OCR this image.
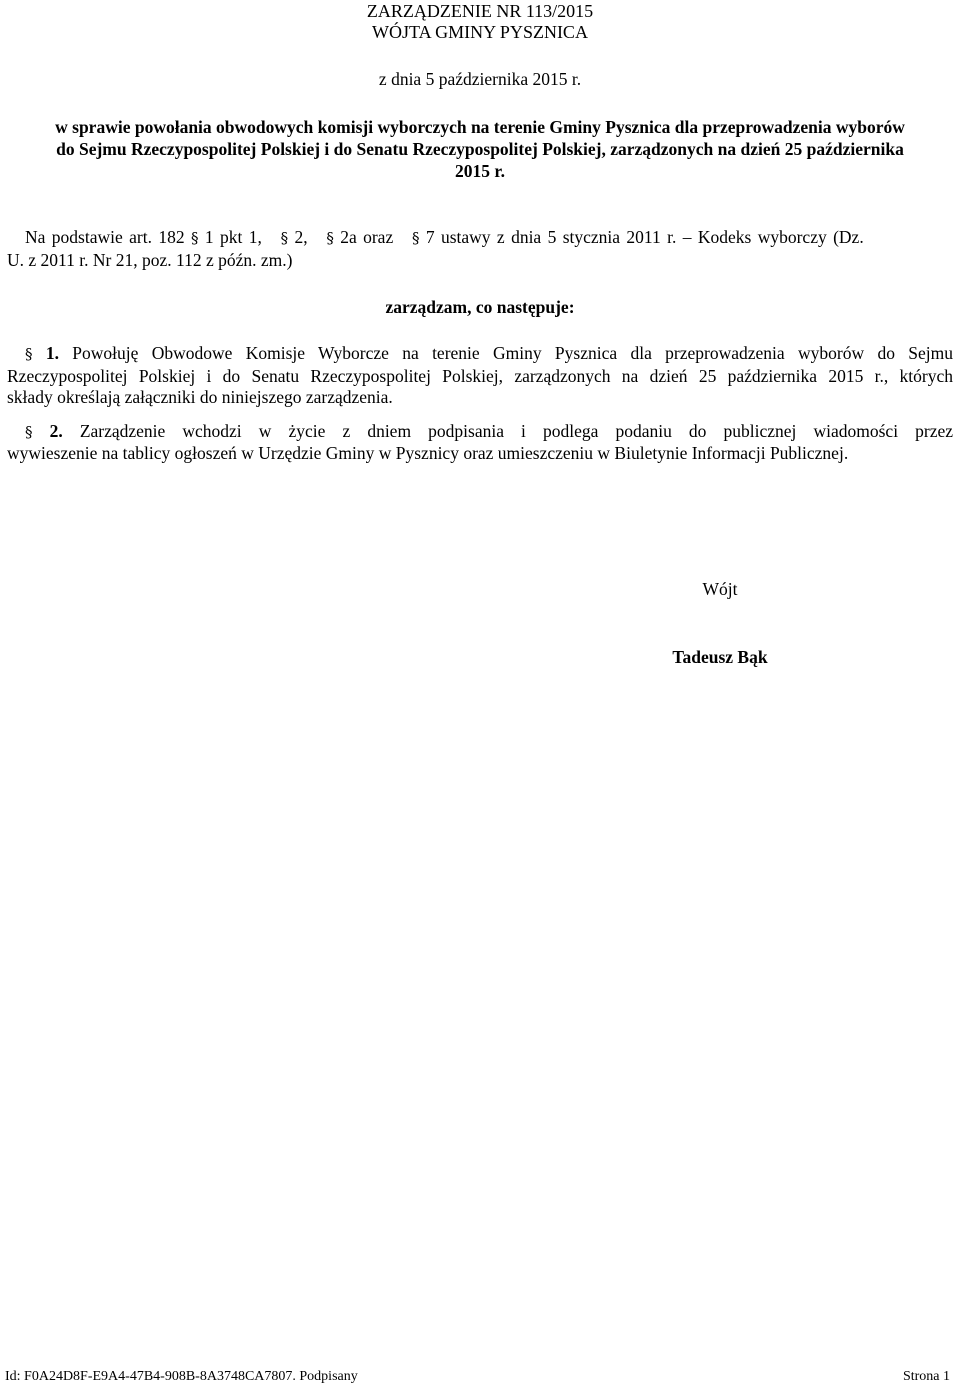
ZARZĄDZENIE NR 113/2015
WÓJTA GMINY PYSZNICA
z dnia 5 października 2015 r.
w sprawie powołania obwodowych komisji wyborczych na terenie Gminy Pysznica dla przeprowadzenia wyborów
do Sejmu Rzeczypospolitej Polskiej i do Senatu Rzeczypospolitej Polskiej, zarządzonych na dzień 25 października
2015 r.
Na podstawie art. 182 § 1 pkt 1, § 2, § 2a oraz § 7 ustawy z dnia 5 stycznia 2011 r. – Kodeks wyborczy (Dz.
U. z 2011 r. Nr 21, poz. 112 z późn. zm.)
zarządzam, co następuje:
§ 1. Powołuję Obwodowe Komisje Wyborcze na terenie Gminy Pysznica dla przeprowadzenia wyborów do Sejmu
Rzeczypospolitej Polskiej i do Senatu Rzeczypospolitej Polskiej, zarządzonych na dzień 25 października 2015 r., których
składy określają załączniki do niniejszego zarządzenia.
§ 2. Zarządzenie wchodzi w życie z dniem podpisania i podlega podaniu do publicznej wiadomości przez
wywieszenie na tablicy ogłoszeń w Urzędzie Gminy w Pysznicy oraz umieszczeniu w Biuletynie Informacji Publicznej.
Wójt
Tadeusz Bąk
Id: F0A24D8F-E9A4-47B4-908B-8A3748CA7807. Podpisany	Strona 1
